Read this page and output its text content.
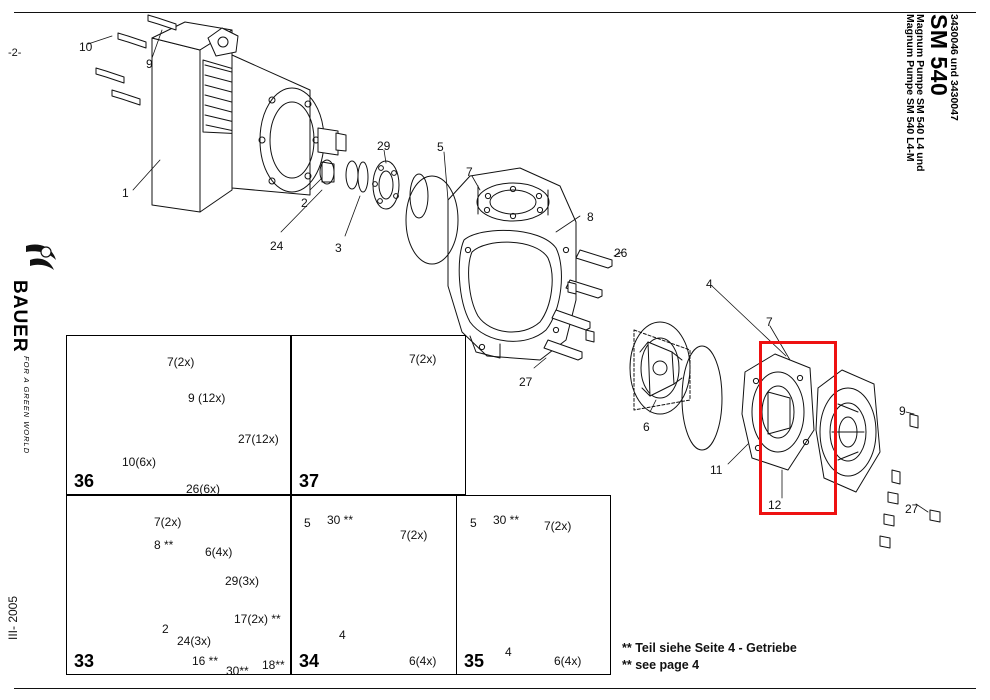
-2-
III- 2005
3430046 und 3430047
SM 540
Magnum Pumpe SM 540 L4 und
Magnum Pumpe SM 540 L4-M
BAUER
FOR A GREEN WORLD
1
2
3
4
5
6
7
7
8
9
9
10
11
12
24	26
27
27
29
36	37
33	34	35
7(2x)
9 (12x)
27(12x)
10(6x)
26(6x)
7(2x)
7(2x)
8 **	6(4x)
29(3x)
17(2x) **
2
24(3x)
16 **
30** 18**
5 30 **
7(2x)
4
6(4x)
5 30 ** 7(2x)
4
6(4x)
** Teil siehe Seite 4 - Getriebe
** see page 4
